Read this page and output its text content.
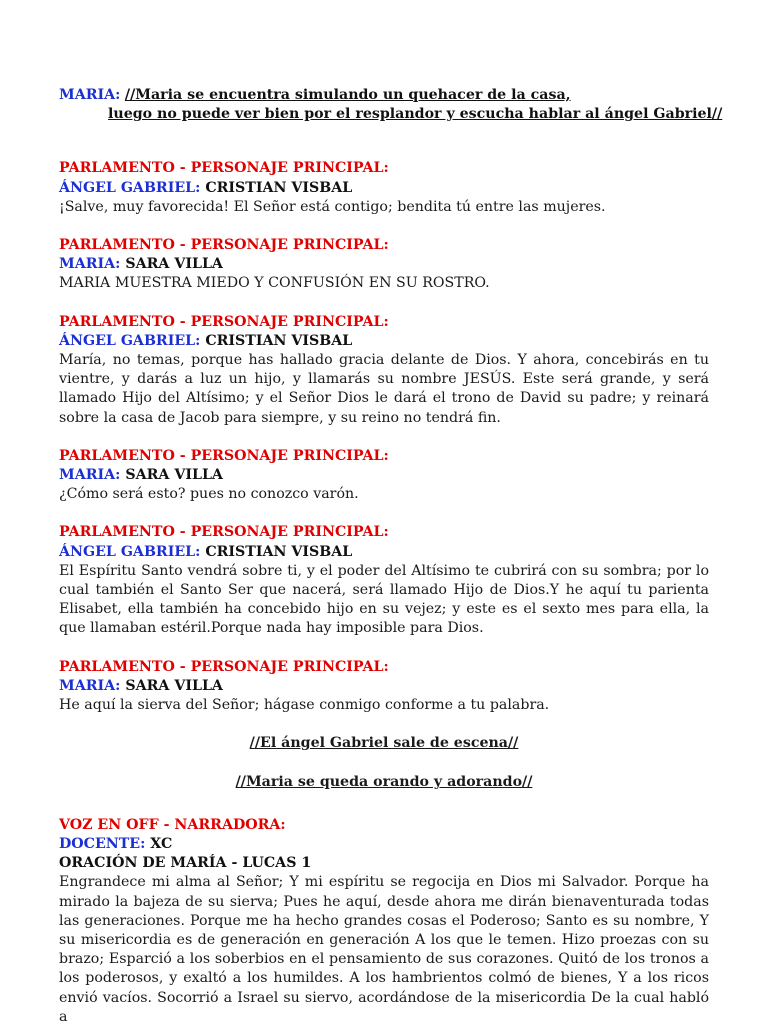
MARIA: //Maria se encuentra simulando un quehacer de la casa,
luego no puede ver bien por el resplandor y escucha hablar al ángel Gabriel//
PARLAMENTO - PERSONAJE PRINCIPAL:
ÁNGEL GABRIEL: CRISTIAN VISBAL
¡Salve, muy favorecida! El Señor está contigo; bendita tú entre las mujeres.
PARLAMENTO - PERSONAJE PRINCIPAL:
MARIA: SARA VILLA
MARIA MUESTRA MIEDO Y CONFUSIÓN EN SU ROSTRO.
PARLAMENTO - PERSONAJE PRINCIPAL:
ÁNGEL GABRIEL: CRISTIAN VISBAL
María, no temas, porque has hallado gracia delante de Dios. Y ahora, concebirás en tu vientre, y darás a luz un hijo, y llamarás su nombre JESÚS. Este será grande, y será llamado Hijo del Altísimo; y el Señor Dios le dará el trono de David su padre; y reinará sobre la casa de Jacob para siempre, y su reino no tendrá fin.
PARLAMENTO - PERSONAJE PRINCIPAL:
MARIA: SARA VILLA
¿Cómo será esto? pues no conozco varón.
PARLAMENTO - PERSONAJE PRINCIPAL:
ÁNGEL GABRIEL: CRISTIAN VISBAL
El Espíritu Santo vendrá sobre ti, y el poder del Altísimo te cubrirá con su sombra; por lo cual también el Santo Ser que nacerá, será llamado Hijo de Dios.Y he aquí tu parienta Elisabet, ella también ha concebido hijo en su vejez; y este es el sexto mes para ella, la que llamaban estéril.Porque nada hay imposible para Dios.
PARLAMENTO - PERSONAJE PRINCIPAL:
MARIA: SARA VILLA
He aquí la sierva del Señor; hágase conmigo conforme a tu palabra.
//El ángel Gabriel sale de escena//
//Maria se queda orando y adorando//
VOZ EN OFF - NARRADORA:
DOCENTE: XC
ORACIÓN DE MARÍA - LUCAS 1
Engrandece mi alma al Señor; Y mi espíritu se regocija en Dios mi Salvador. Porque ha mirado la bajeza de su sierva; Pues he aquí, desde ahora me dirán bienaventurada todas las generaciones. Porque me ha hecho grandes cosas el Poderoso; Santo es su nombre, Y su misericordia es de generación en generación A los que le temen. Hizo proezas con su brazo; Esparció a los soberbios en el pensamiento de sus corazones. Quitó de los tronos a los poderosos, y exaltó a los humildes. A los hambrientos colmó de bienes, Y a los ricos envió vacíos. Socorrió a Israel su siervo, acordándose de la misericordia De la cual habló a
